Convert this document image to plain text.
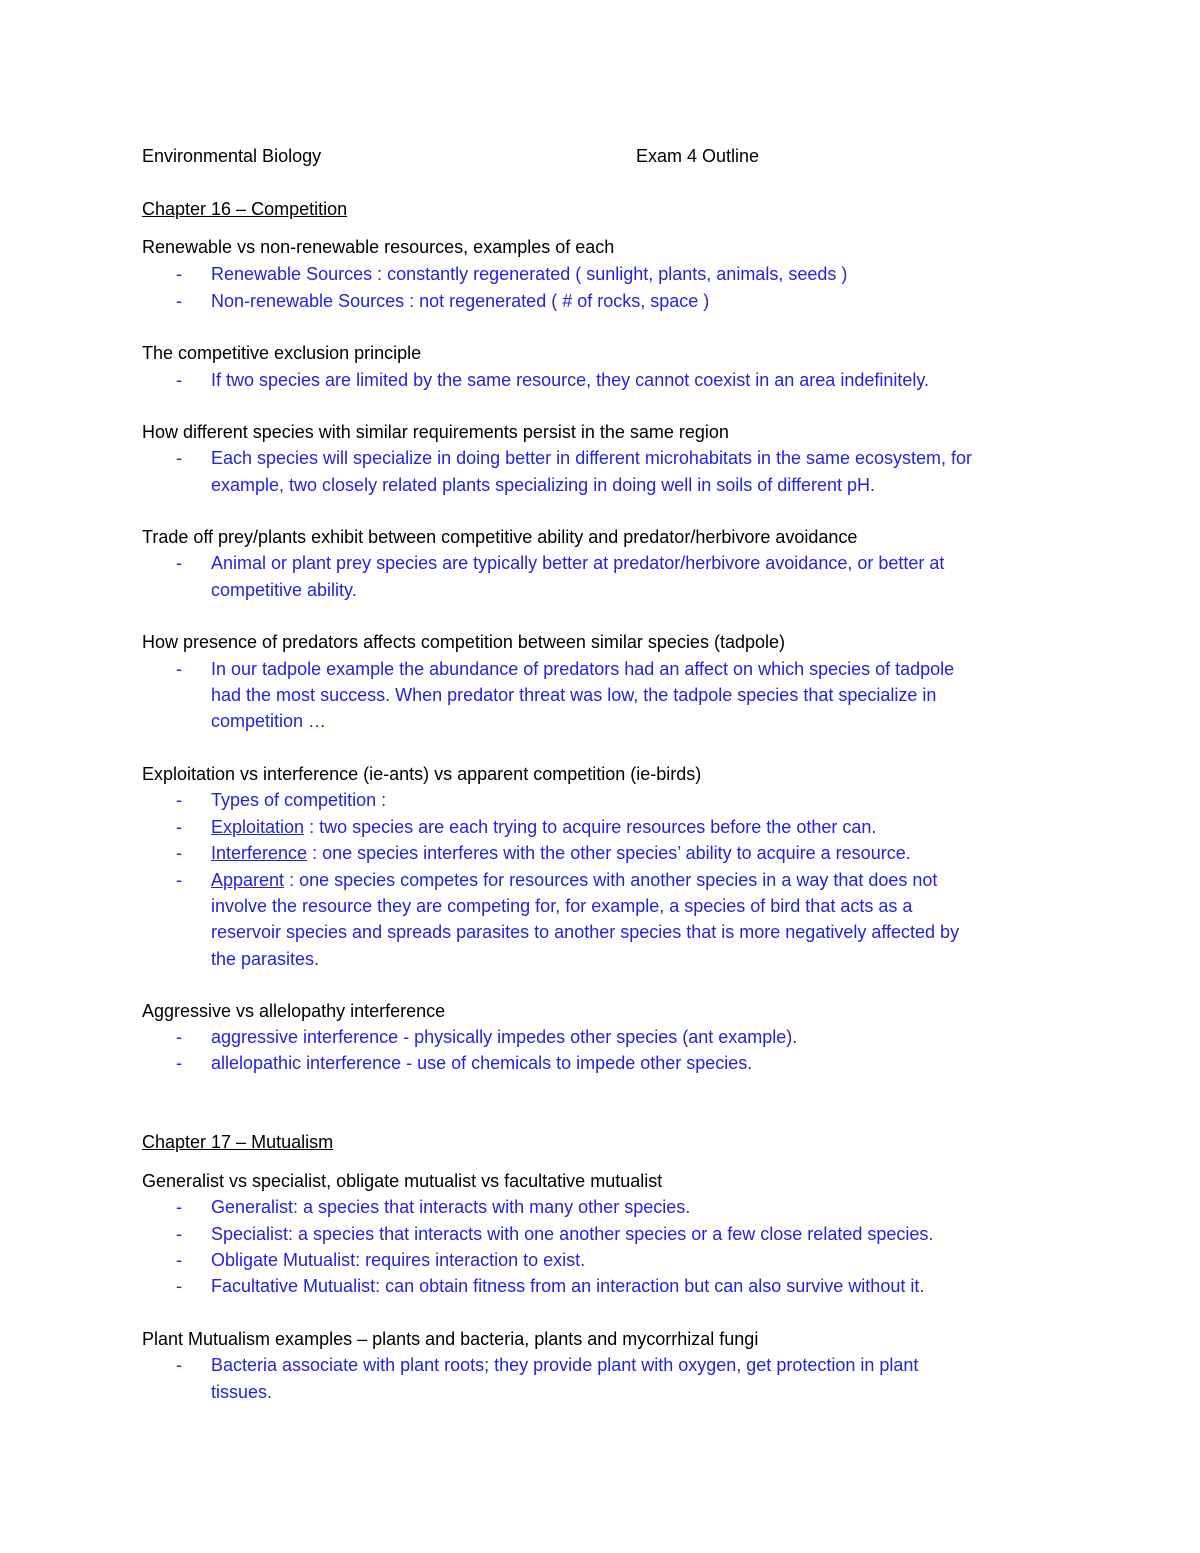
Environmental Biology	Exam 4 Outline
Chapter 16 – Competition
Renewable vs non-renewable resources, examples of each
- Renewable Sources : constantly regenerated ( sunlight, plants, animals, seeds )
- Non-renewable Sources : not regenerated ( # of rocks, space )
The competitive exclusion principle
- If two species are limited by the same resource, they cannot coexist in an area indefinitely.
How different species with similar requirements persist in the same region
- Each species will specialize in doing better in different microhabitats in the same ecosystem, for
example, two closely related plants specializing in doing well in soils of different pH.
Trade off prey/plants exhibit between competitive ability and predator/herbivore avoidance
- Animal or plant prey species are typically better at predator/herbivore avoidance, or better at
competitive ability.
How presence of predators affects competition between similar species (tadpole)
- In our tadpole example the abundance of predators had an affect on which species of tadpole
had the most success. When predator threat was low, the tadpole species that specialize in
competition …
Exploitation vs interference (ie-ants) vs apparent competition (ie-birds)
- Types of competition :
- Exploitation : two species are each trying to acquire resources before the other can.
- Interference : one species interferes with the other species’ ability to acquire a resource.
- Apparent : one species competes for resources with another species in a way that does not
involve the resource they are competing for, for example, a species of bird that acts as a
reservoir species and spreads parasites to another species that is more negatively affected by
the parasites.
Aggressive vs allelopathy interference
- aggressive interference - physically impedes other species (ant example).
- allelopathic interference - use of chemicals to impede other species.
Chapter 17 – Mutualism
Generalist vs specialist, obligate mutualist vs facultative mutualist
- Generalist: a species that interacts with many other species.
- Specialist: a species that interacts with one another species or a few close related species.
- Obligate Mutualist: requires interaction to exist.
- Facultative Mutualist: can obtain fitness from an interaction but can also survive without it.
Plant Mutualism examples – plants and bacteria, plants and mycorrhizal fungi
- Bacteria associate with plant roots; they provide plant with oxygen, get protection in plant
tissues.
